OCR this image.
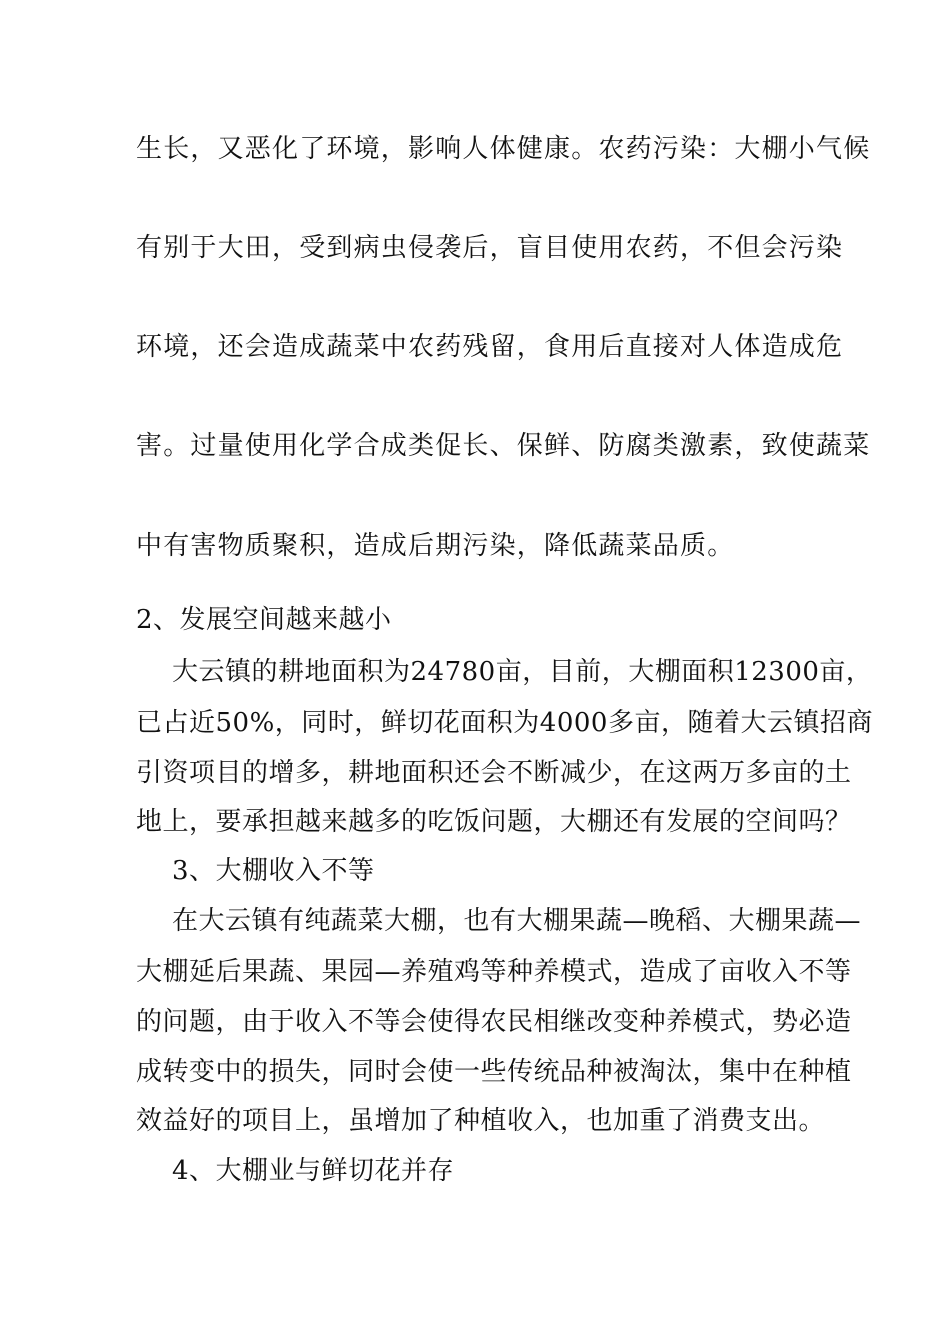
生长，又恶化了环境，影响人体健康。农药污染：大棚小气候
有别于大田，受到病虫侵袭后，盲目使用农药，不但会污染
环境，还会造成蔬菜中农药残留，食用后直接对人体造成危
害。过量使用化学合成类促长、保鲜、防腐类激素，致使蔬菜
中有害物质聚积，造成后期污染，降低蔬菜品质。
2、发展空间越来越小
大云镇的耕地面积为24780亩，目前，大棚面积12300亩，
已占近50%，同时，鲜切花面积为4000多亩，随着大云镇招商
引资项目的增多，耕地面积还会不断减少，在这两万多亩的土
地上，要承担越来越多的吃饭问题，大棚还有发展的空间吗？
3、大棚收入不等
在大云镇有纯蔬菜大棚，也有大棚果蔬—晚稻、大棚果蔬—
大棚延后果蔬、果园—养殖鸡等种养模式，造成了亩收入不等
的问题，由于收入不等会使得农民相继改变种养模式，势必造
成转变中的损失，同时会使一些传统品种被淘汰，集中在种植
效益好的项目上，虽增加了种植收入，也加重了消费支出。
4、大棚业与鲜切花并存
